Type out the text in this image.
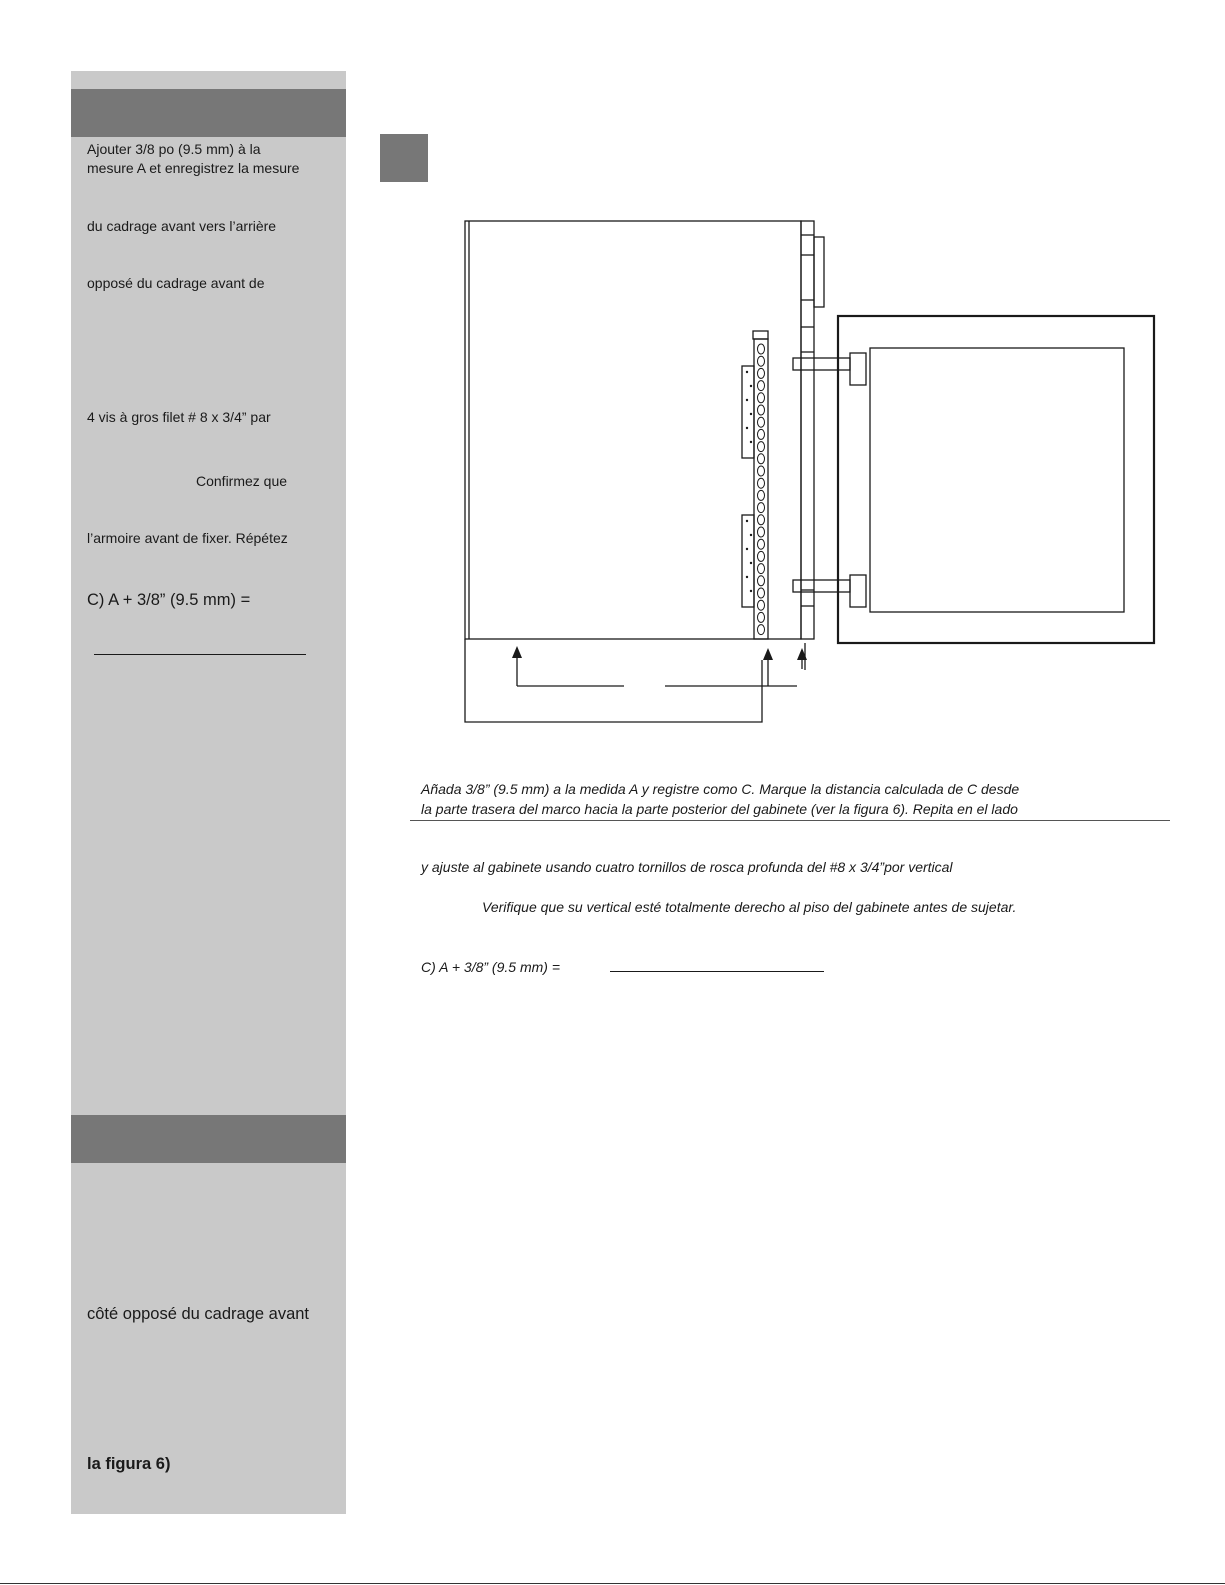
Ajouter 3/8 po (9.5 mm) à la
mesure A et enregistrez la mesure
du cadrage avant vers l’arrière
opposé du cadrage avant de
4 vis à gros filet # 8 x 3/4” par
Confirmez que
l’armoire avant de fixer. Répétez
C) A + 3/8” (9.5 mm) =
côté opposé du cadrage avant
la figura 6)
Añada 3/8” (9.5 mm) a la medida A y registre como C. Marque la distancia calculada de C desde
la parte trasera del marco hacia la parte posterior del gabinete (ver la figura 6). Repita en el lado
y ajuste al gabinete usando cuatro tornillos de rosca profunda del #8 x 3/4”por vertical
Verifique que su vertical esté totalmente derecho al piso del gabinete antes de sujetar.
C) A + 3/8” (9.5 mm) =
